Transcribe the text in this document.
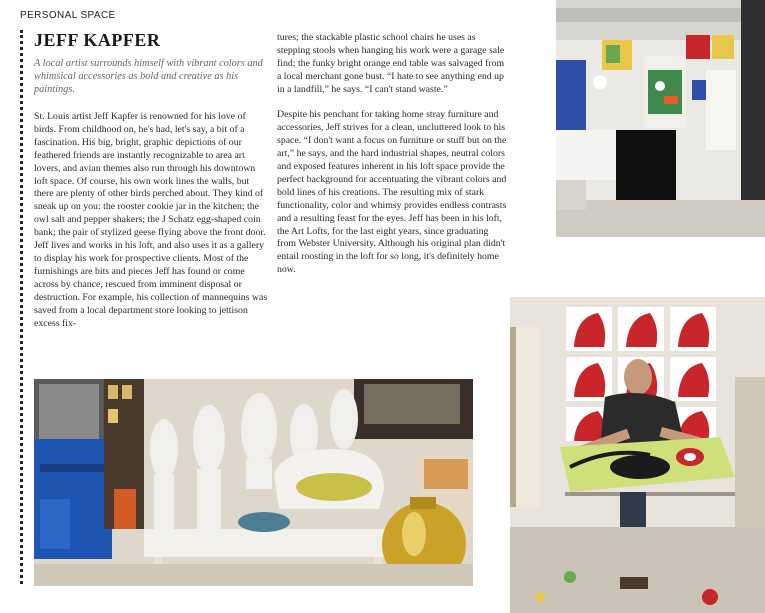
PERSONAL SPACE
JEFF KAPFER

A local artist surrounds himself with vibrant colors and whimsical accessories as bold and creative as his paintings.

St. Louis artist Jeff Kapfer is renowned for his love of birds. From childhood on, he's had, let's say, a bit of a fascination. His big, bright, graphic depictions of our feathered friends are instantly recognizable to area art lovers, and avian themes also run through his downtown loft space. Of course, his own work lines the walls, but there are plenty of other birds perched about. They kind of sneak up on you: the rooster cookie jar in the kitchen; the owl salt and pepper shakers; the J Schatz egg-shaped coin bank; the pair of stylized geese flying above the front door. Jeff lives and works in his loft, and also uses it as a gallery to display his work for prospective clients. Most of the furnishings are bits and pieces Jeff has found or come across by chance, rescued from imminent disposal or destruction. For example, his collection of mannequins was saved from a local department store looking to jettison excess fix-

tures; the stackable plastic school chairs he uses as stepping stools when hanging his work were a garage sale find; the funky bright orange end table was salvaged from a local merchant gone bust. “I hate to see anything end up in a landfill,” he says. “I can't stand waste.”

Despite his penchant for taking home stray furniture and accessories, Jeff strives for a clean, uncluttered look to his space. “I don't want a focus on furniture or stuff but on the art,” he says, and the hard industrial shapes, neutral colors and exposed features inherent in his loft space provide the perfect background for accentuating the vibrant colors and bold lines of his creations. The resulting mix of stark functionality, color and whimsy provides endless contrasts and a resulting feast for the eyes. Jeff has been in his loft, the Art Lofts, for the last eight years, since graduating from Webster University. Although his original plan didn't entail roosting in the loft for so long, it's definitely home now.
